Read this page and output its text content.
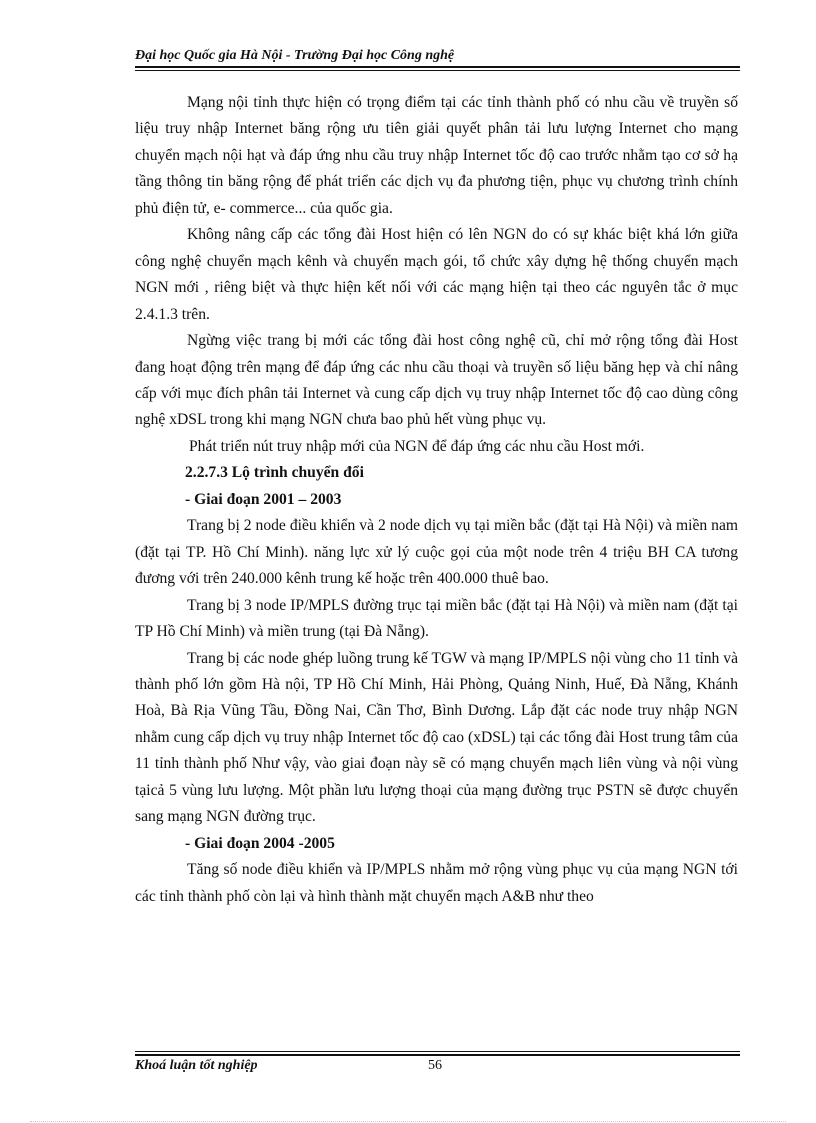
Đại học Quốc gia Hà Nội - Trường Đại học Công nghệ

Mạng nội tỉnh thực hiện có trọng điểm tại các tỉnh thành phố có nhu cầu về truyền số liệu truy nhập Internet băng rộng ưu tiên giải quyết phân tải lưu lượng Internet cho mạng chuyển mạch nội hạt và đáp ứng nhu cầu truy nhập Internet tốc độ cao trước nhằm tạo cơ sở hạ tầng thông tin băng rộng để phát triển các dịch vụ đa phương tiện, phục vụ chương trình chính phủ điện tử, e- commerce... của quốc gia.

Không nâng cấp các tổng đài Host hiện có lên NGN do có sự khác biệt khá lớn giữa công nghệ chuyển mạch kênh và chuyển mạch gói, tổ chức xây dựng hệ thống chuyển mạch NGN mới , riêng biệt và thực hiện kết nối với các mạng hiện tại theo các nguyên tắc ở mục 2.4.1.3 trên.

Ngừng việc trang bị mới các tổng đài host công nghệ cũ, chỉ mở rộng tổng đài Host đang hoạt động trên mạng để đáp ứng các nhu cầu thoại và truyền số liệu băng hẹp và chỉ nâng cấp với mục đích phân tải Internet và cung cấp dịch vụ truy nhập Internet tốc độ cao dùng công nghệ xDSL trong khi mạng NGN chưa bao phủ hết vùng phục vụ.

Phát triển nút truy nhập mới của NGN để đáp ứng các nhu cầu Host mới.

2.2.7.3 Lộ trình chuyển đổi

- Giai đoạn 2001 – 2003

Trang bị 2 node điều khiển và 2 node dịch vụ tại miền bắc (đặt tại Hà Nội) và miền nam (đặt tại TP. Hồ Chí Minh). năng lực xử lý cuộc gọi của một node trên 4 triệu BH CA tương đương với trên 240.000 kênh trung kế hoặc trên 400.000 thuê bao.

Trang bị 3 node IP/MPLS đường trục tại miền bắc (đặt tại Hà Nội) và miền nam (đặt tại TP Hồ Chí Minh) và miền trung (tại Đà Nẵng).

Trang bị các node ghép luồng trung kế TGW và mạng IP/MPLS nội vùng cho 11 tỉnh và thành phố lớn gồm Hà nội, TP Hồ Chí Minh, Hải Phòng, Quảng Ninh, Huế, Đà Nẵng, Khánh Hoà, Bà Rịa Vũng Tầu, Đồng Nai, Cần Thơ, Bình Dương. Lắp đặt các node truy nhập NGN nhằm cung cấp dịch vụ truy nhập Internet tốc độ cao (xDSL) tại các tổng đài Host trung tâm của 11 tỉnh thành phố Như vậy, vào giai đoạn này sẽ có mạng chuyển mạch liên vùng và nội vùng tạicả 5 vùng lưu lượng. Một phần lưu lượng thoại của mạng đường trục PSTN sẽ được chuyển sang mạng NGN đường trục.

- Giai đoạn 2004 -2005

Tăng số node điều khiển và IP/MPLS nhằm mở rộng vùng phục vụ của mạng NGN tới các tỉnh thành phố còn lại và hình thành mặt chuyển mạch A&B như theo

Khoá luận tốt nghiệp	56
